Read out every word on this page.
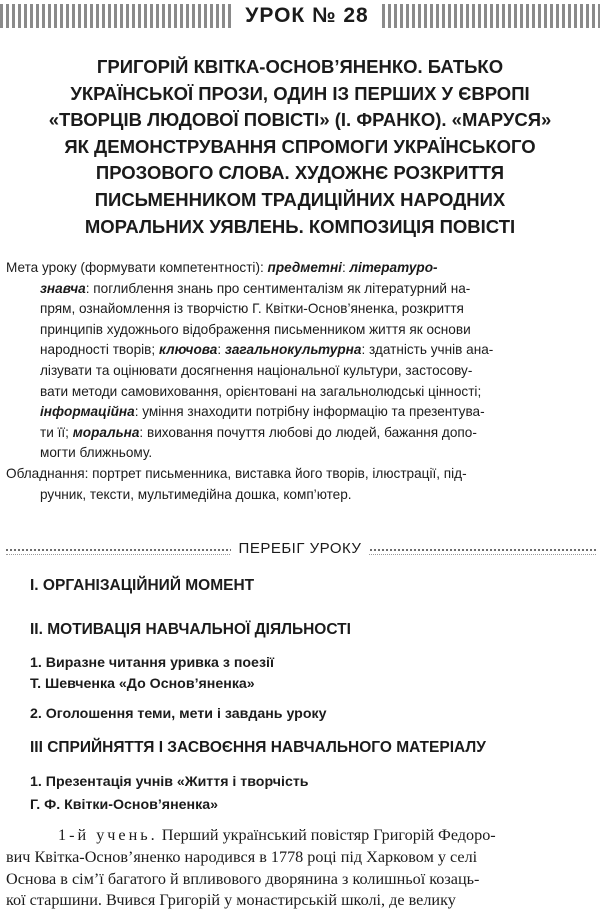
УРОК № 28
ГРИГОРІЙ КВІТКА-ОСНОВ’ЯНЕНКО. БАТЬКО
УКРАЇНСЬКОЇ ПРОЗИ, ОДИН ІЗ ПЕРШИХ У ЄВРОПІ
«ТВОРЦІВ ЛЮДОВОЇ ПОВІСТІ» (І. ФРАНКО). «МАРУСЯ»
ЯК ДЕМОНСТРУВАННЯ СПРОМОГИ УКРАЇНСЬКОГО
ПРОЗОВОГО СЛОВА. ХУДОЖНЄ РОЗКРИТТЯ
ПИСЬМЕННИКОМ ТРАДИЦІЙНИХ НАРОДНИХ
МОРАЛЬНИХ УЯВЛЕНЬ. КОМПОЗИЦІЯ ПОВІСТІ
Мета уроку (формувати компетентності): предметні: літературо-
знавча: поглиблення знань про сентименталізм як літературний на-
прям, ознайомлення із творчістю Г. Квітки-Основ’яненка, розкриття
принципів художнього відображення письменником життя як основи
народності творів; ключова: загальнокультурна: здатність учнів ана-
лізувати та оцінювати досягнення національної культури, застосову-
вати методи самовиховання, орієнтовані на загальнолюдські цінності;
інформаційна: уміння знаходити потрібну інформацію та презентува-
ти її; моральна: виховання почуття любові до людей, бажання допо-
могти ближньому.
Обладнання: портрет письменника, виставка його творів, ілюстрації, під-
ручник, тексти, мультимедійна дошка, комп’ютер.
ПЕРЕБІГ УРОКУ
І. ОРГАНІЗАЦІЙНИЙ МОМЕНТ
ІІ. МОТИВАЦІЯ НАВЧАЛЬНОЇ ДІЯЛЬНОСТІ
1. Виразне читання уривка з поезії
Т. Шевченка «До Основ’яненка»
2. Оголошення теми, мети і завдань уроку
ІІІ СПРИЙНЯТТЯ І ЗАСВОЄННЯ НАВЧАЛЬНОГО МАТЕРІАЛУ
1. Презентація учнів «Життя і творчість
Г. Ф. Квітки-Основ’яненка»
1-й учень. Перший український повістяр Григорій Федоро-
вич Квітка-Основ’яненко народився в 1778 році під Харковом у селі
Основа в сім’ї багатого й впливового дворянина з колишньої козаць-
кої старшини. Вчився Григорій у монастирській школі, де велику
